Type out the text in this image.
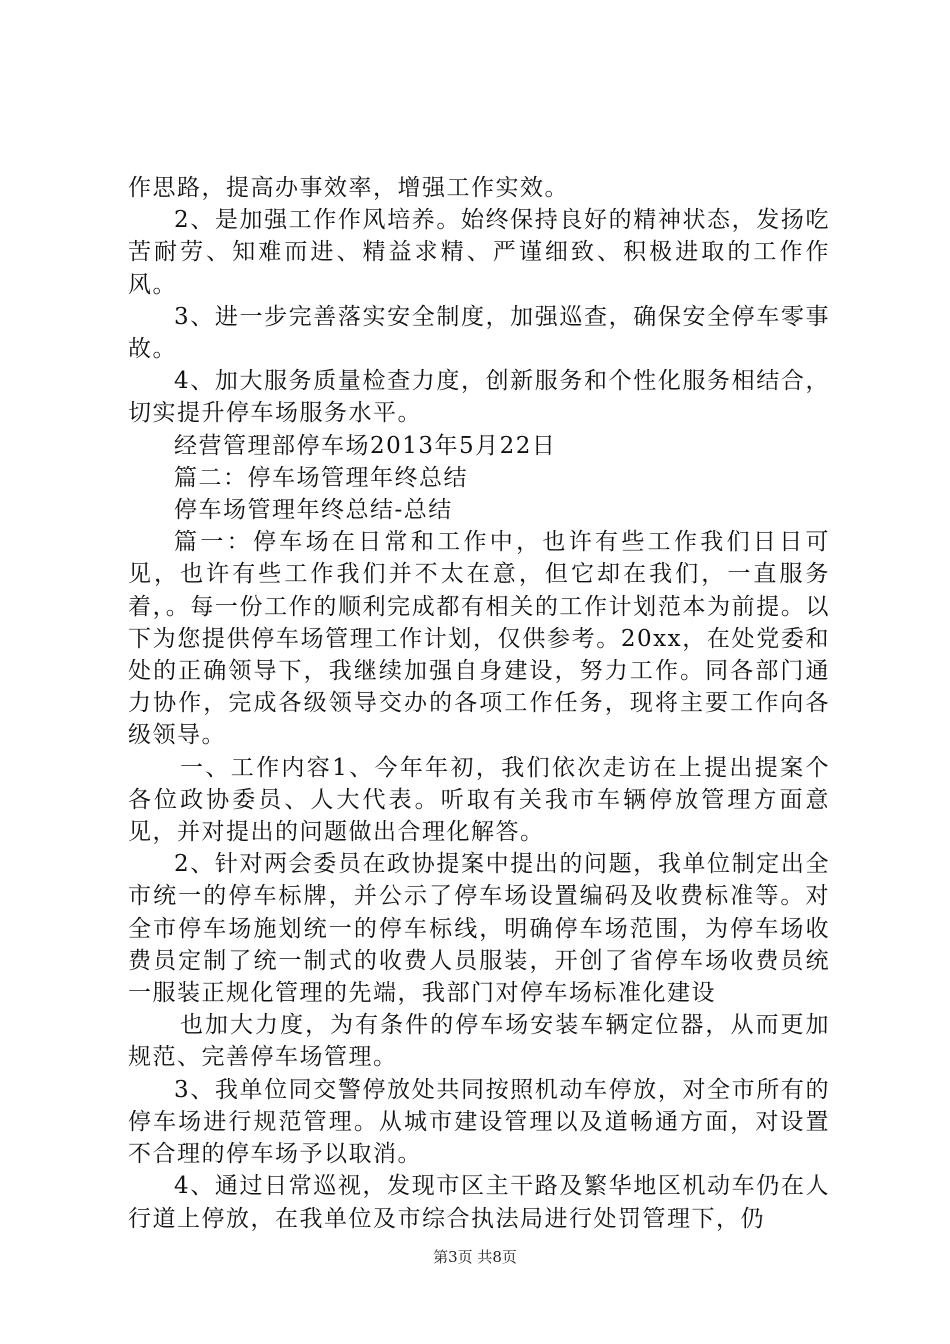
作思路，提高办事效率，增强工作实效。

2、是加强工作作风培养。始终保持良好的精神状态，发扬吃苦耐劳、知难而进、精益求精、严谨细致、积极进取的工作作风。

3、进一步完善落实安全制度，加强巡查，确保安全停车零事故。

4、加大服务质量检查力度，创新服务和个性化服务相结合，切实提升停车场服务水平。

经营管理部停车场2013年5月22日

篇二：停车场管理年终总结

停车场管理年终总结-总结

篇一：停车场在日常和工作中，也许有些工作我们日日可见，也许有些工作我们并不太在意，但它却在我们，一直服务着，。每一份工作的顺利完成都有相关的工作计划范本为前提。以下为您提供停车场管理工作计划，仅供参考。20xx，在处党委和处的正确领导下，我继续加强自身建设，努力工作。同各部门通力协作，完成各级领导交办的各项工作任务，现将主要工作向各级领导。

一、工作内容1、今年年初，我们依次走访在上提出提案个各位政协委员、人大代表。听取有关我市车辆停放管理方面意见，并对提出的问题做出合理化解答。

2、针对两会委员在政协提案中提出的问题，我单位制定出全市统一的停车标牌，并公示了停车场设置编码及收费标准等。对全市停车场施划统一的停车标线，明确停车场范围，为停车场收费员定制了统一制式的收费人员服装，开创了省停车场收费员统一服装正规化管理的先端，我部门对停车场标准化建设

也加大力度，为有条件的停车场安装车辆定位器，从而更加规范、完善停车场管理。

3、我单位同交警停放处共同按照机动车停放，对全市所有的停车场进行规范管理。从城市建设管理以及道畅通方面，对设置不合理的停车场予以取消。

4、通过日常巡视，发现市区主干路及繁华地区机动车仍在人行道上停放，在我单位及市综合执法局进行处罚管理下，仍

第3页 共8页
